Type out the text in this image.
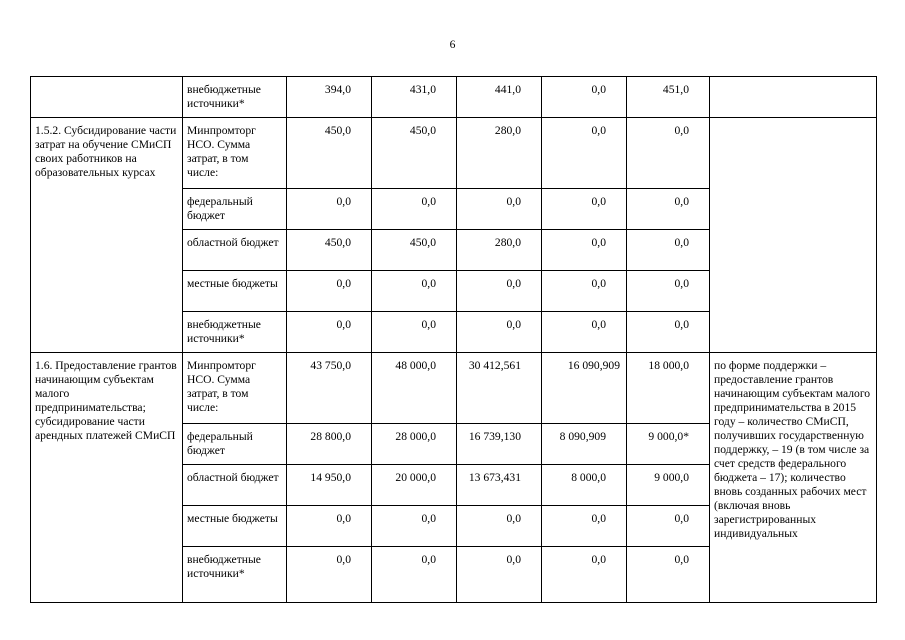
6
	внебюджетные источники*	394,0	431,0	441,0	0,0	451,0	
1.5.2. Субсидирование части затрат на обучение СМиСП своих работников на образовательных курсах	Минпромторг НСО. Сумма затрат, в том числе:	450,0	450,0	280,0	0,0	0,0	
	федеральный бюджет	0,0	0,0	0,0	0,0	0,0	
	областной бюджет	450,0	450,0	280,0	0,0	0,0	
	местные бюджеты	0,0	0,0	0,0	0,0	0,0	
	внебюджетные источники*	0,0	0,0	0,0	0,0	0,0	
1.6. Предоставление грантов начинающим субъектам малого предпринимательства; субсидирование части арендных платежей СМиСП	Минпромторг НСО. Сумма затрат, в том числе:	43 750,0	48 000,0	30 412,561	16 090,909	18 000,0	по форме поддержки – предоставление грантов начинающим субъектам малого предпринимательства в 2015 году – количество СМиСП, получивших государственную поддержку, – 19 (в том числе за счет средств федерального бюджета – 17); количество вновь созданных рабочих мест (включая вновь зарегистрированных индивидуальных
	федеральный бюджет	28 800,0	28 000,0	16 739,130	8 090,909	9 000,0*	
	областной бюджет	14 950,0	20 000,0	13 673,431	8 000,0	9 000,0	
	местные бюджеты	0,0	0,0	0,0	0,0	0,0	
	внебюджетные источники*	0,0	0,0	0,0	0,0	0,0	
